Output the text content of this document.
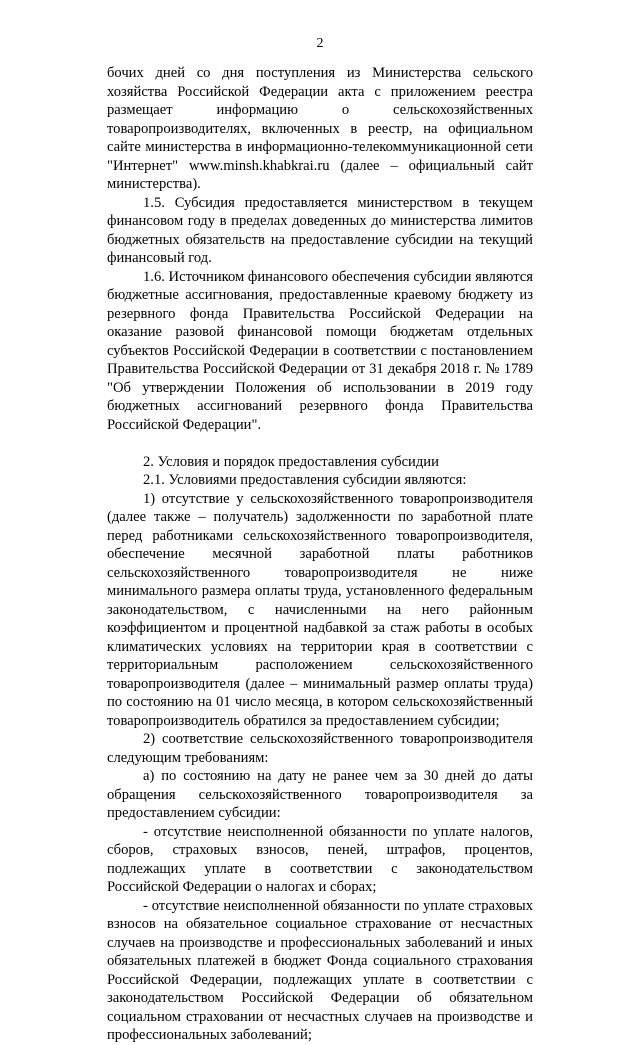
2

бочих дней со дня поступления из Министерства сельского хозяйства Российской Федерации акта с приложением реестра размещает информацию о сельскохозяйственных товаропроизводителях, включенных в реестр, на официальном сайте министерства в информационно-телекоммуникационной сети "Интернет" www.minsh.khabkrai.ru (далее – официальный сайт министерства).

1.5. Субсидия предоставляется министерством в текущем финансовом году в пределах доведенных до министерства лимитов бюджетных обязательств на предоставление субсидии на текущий финансовый год.

1.6. Источником финансового обеспечения субсидии являются бюджетные ассигнования, предоставленные краевому бюджету из резервного фонда Правительства Российской Федерации на оказание разовой финансовой помощи бюджетам отдельных субъектов Российской Федерации в соответствии с постановлением Правительства Российской Федерации от 31 декабря 2018 г. № 1789 "Об утверждении Положения об использовании в 2019 году бюджетных ассигнований резервного фонда Правительства Российской Федерации".

2. Условия и порядок предоставления субсидии

2.1. Условиями предоставления субсидии являются:

1) отсутствие у сельскохозяйственного товаропроизводителя (далее также – получатель) задолженности по заработной плате перед работниками сельскохозяйственного товаропроизводителя, обеспечение месячной заработной платы работников сельскохозяйственного товаропроизводителя не ниже минимального размера оплаты труда, установленного федеральным законодательством, с начисленными на него районным коэффициентом и процентной надбавкой за стаж работы в особых климатических условиях на территории края в соответствии с территориальным расположением сельскохозяйственного товаропроизводителя (далее – минимальный размер оплаты труда) по состоянию на 01 число месяца, в котором сельскохозяйственный товаропроизводитель обратился за предоставлением субсидии;

2) соответствие сельскохозяйственного товаропроизводителя следующим требованиям:

а) по состоянию на дату не ранее чем за 30 дней до даты обращения сельскохозяйственного товаропроизводителя за предоставлением субсидии:

- отсутствие неисполненной обязанности по уплате налогов, сборов, страховых взносов, пеней, штрафов, процентов, подлежащих уплате в соответствии с законодательством Российской Федерации о налогах и сборах;

- отсутствие неисполненной обязанности по уплате страховых взносов на обязательное социальное страхование от несчастных случаев на производстве и профессиональных заболеваний и иных обязательных платежей в бюджет Фонда социального страхования Российской Федерации, подлежащих уплате в соответствии с законодательством Российской Федерации об обязательном социальном страховании от несчастных случаев на производстве и профессиональных заболеваний;
